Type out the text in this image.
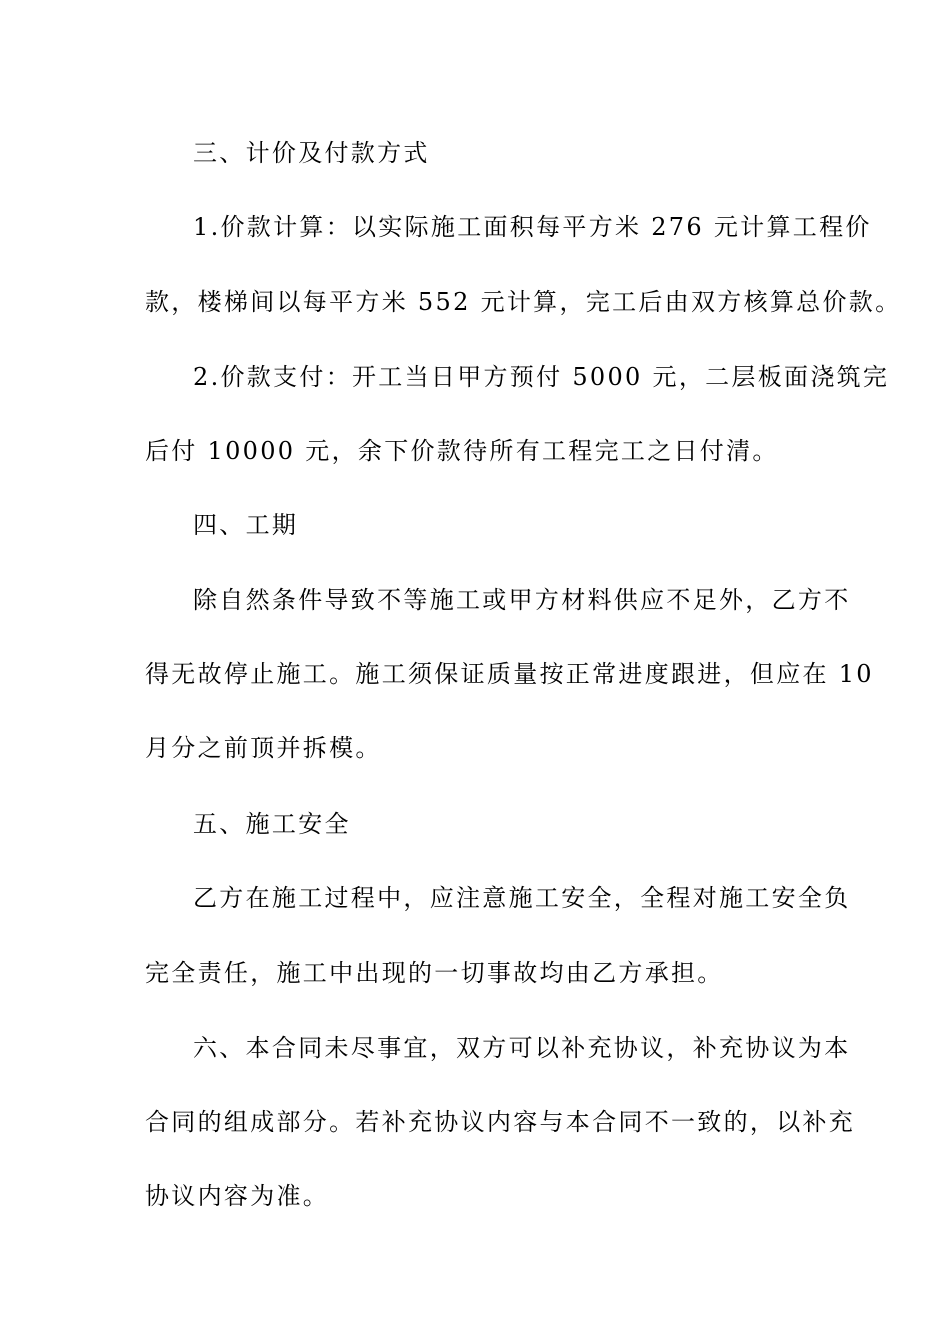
三、计价及付款方式
1.价款计算：以实际施工面积每平方米 276 元计算工程价
款，楼梯间以每平方米 552 元计算，完工后由双方核算总价款。
2.价款支付：开工当日甲方预付 5000 元，二层板面浇筑完
后付 10000 元，余下价款待所有工程完工之日付清。
四、工期
除自然条件导致不等施工或甲方材料供应不足外，乙方不
得无故停止施工。施工须保证质量按正常进度跟进，但应在 10
月分之前顶并拆模。
五、施工安全
乙方在施工过程中，应注意施工安全，全程对施工安全负
完全责任，施工中出现的一切事故均由乙方承担。
六、本合同未尽事宜，双方可以补充协议，补充协议为本
合同的组成部分。若补充协议内容与本合同不一致的，以补充
协议内容为准。
